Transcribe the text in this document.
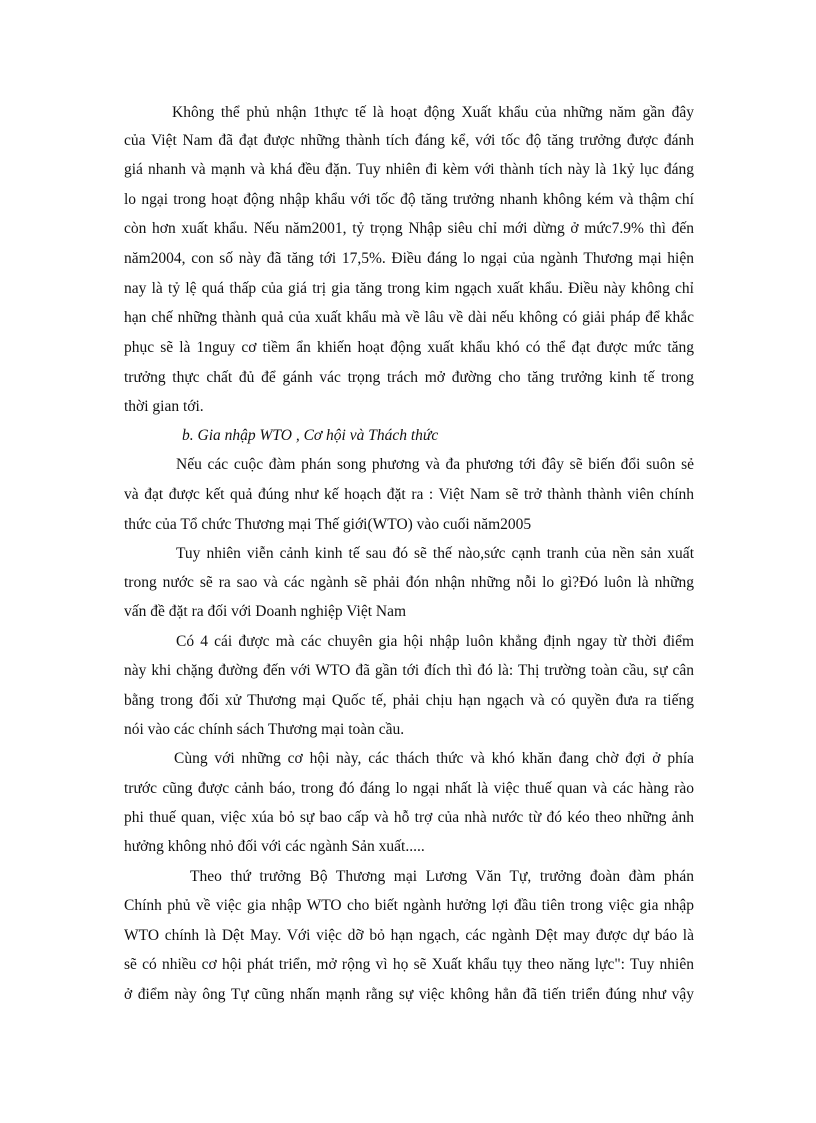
Không thể phủ nhận 1thực tế là hoạt động Xuất khẩu của những năm gần đây
của Việt Nam đã đạt được những thành tích đáng kể, với tốc độ tăng trưởng được đánh
giá nhanh và mạnh và khá đều đặn. Tuy nhiên đi kèm với thành tích này là 1kỷ lục đáng
lo ngại trong hoạt động nhập khẩu với tốc độ tăng trưởng nhanh không kém và thậm chí
còn hơn xuất khẩu. Nếu năm2001, tỷ trọng Nhập siêu chỉ mới dừng ở mức7.9% thì đến
năm2004, con số này đã tăng tới 17,5%. Điều đáng lo ngại của ngành Thương mại hiện
nay là tỷ lệ quá thấp của giá trị gia tăng trong kim ngạch xuất khẩu. Điều này không chỉ
hạn chế những thành quả của xuất khẩu mà về lâu về dài nếu không có giải pháp để khắc
phục sẽ là 1nguy cơ tiềm ẩn khiến hoạt động xuất khẩu khó có thể đạt được mức tăng
trưởng thực chất đủ để gánh vác trọng trách mở đường cho tăng trưởng kinh tế trong
thời gian tới.
b. Gia nhập WTO , Cơ hội và Thách thức
Nếu các cuộc đàm phán song phương và đa phương tới đây sẽ biến đổi suôn sẻ
và đạt được kết quả đúng như kế hoạch đặt ra : Việt Nam sẽ trở thành thành viên chính
thức của Tổ chức Thương mại Thế giới(WTO) vào cuối năm2005
Tuy nhiên viễn cảnh kinh tế sau đó sẽ thế nào,sức cạnh tranh của nền sản xuất
trong nước sẽ ra sao và các ngành sẽ phải đón nhận những nỗi lo gì?Đó luôn là những
vấn đề đặt ra đối với Doanh nghiệp Việt Nam
Có 4 cái được mà các chuyên gia hội nhập luôn khẳng định ngay từ thời điểm
này khi chặng đường đến với WTO đã gần tới đích thì đó là: Thị trường toàn cầu, sự cân
bằng trong đối xử Thương mại Quốc tế, phải chịu hạn ngạch và có quyền đưa ra tiếng
nói vào các chính sách Thương mại toàn cầu.
Cùng với những cơ hội này, các thách thức và khó khăn đang chờ đợi ở phía
trước cũng được cảnh báo, trong đó đáng lo ngại nhất là việc thuế quan và các hàng rào
phi thuế quan, việc xúa bỏ sự bao cấp và hỗ trợ của nhà nước từ đó kéo theo những ảnh
hưởng không nhỏ đối với các ngành Sản xuất.....
Theo thứ trưởng Bộ Thương mại Lương Văn Tự, trưởng đoàn đàm phán
Chính phủ về việc gia nhập WTO cho biết ngành hưởng lợi đầu tiên trong việc gia nhập
WTO chính là Dệt May. Với việc dỡ bỏ hạn ngạch, các ngành Dệt may được dự báo là
sẽ có nhiều cơ hội phát triển, mở rộng vì họ sẽ Xuất khẩu tụy theo năng lực": Tuy nhiên
ở điểm này ông Tự cũng nhấn mạnh rằng sự việc không hẳn đã tiến triển đúng như vậy
